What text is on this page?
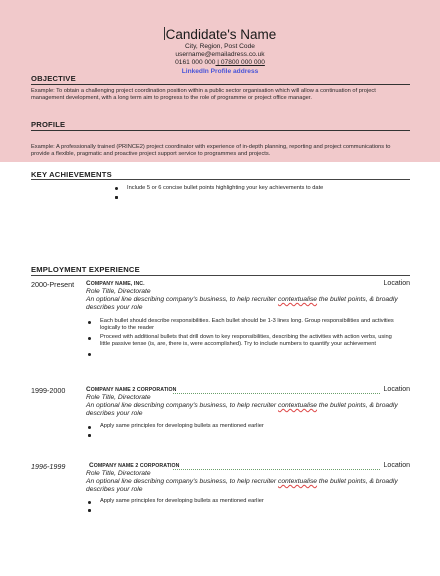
Candidate's Name
City, Region, Post Code
username@emailadress.co.uk
0161 000 000 | 07800 000 000
LinkedIn Profile address
OBJECTIVE
Example: To obtain a challenging project coordination position within a public sector organisation which will allow a continuation of project management development, with a long term aim to progress to the role of programme or project office manager.
PROFILE
Example: A professionally trained (PRINCE2) project coordinator with experience of in-depth planning, reporting and project communications to provide a flexible, pragmatic and proactive project support service to programmes and projects.
KEY ACHIEVEMENTS
Include 5 or 6 concise bullet points highlighting your key achievements to date
EMPLOYMENT EXPERIENCE
2000-Present COMPANY NAME, INC.	Location
Role Title, Directorate
An optional line describing company's business, to help recruiter contextualise the bullet points, & broadly describes your role
Each bullet should describe responsibilities. Each bullet should be 1-3 lines long. Group responsibilities and activities logically to the reader
Proceed with additional bullets that drill down to key responsibilities, describing the activities with action verbs, using little passive tense (is, are, there is, were accomplished). Try to include numbers to quantify your achievement
1999-2000	COMPANY NAME 2 CORPORATION	Location
Role Title, Directorate
An optional line describing company's business, to help recruiter contextualise the bullet points, & broadly describes your role
Apply same principles for developing bullets as mentioned earlier
1996-1999	COMPANY NAME 2 CORPORATION	Location
Role Title, Directorate
An optional line describing company's business, to help recruiter contextualise the bullet points, & broadly describes your role
Apply same principles for developing bullets as mentioned earlier
